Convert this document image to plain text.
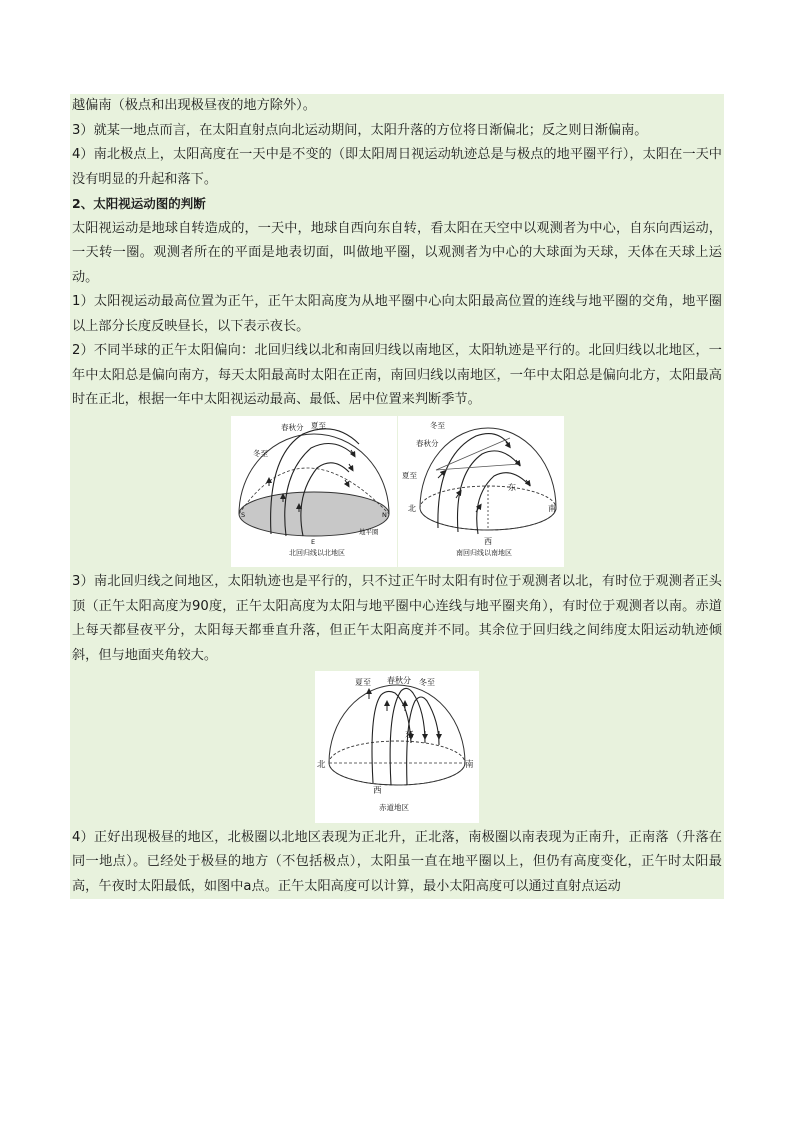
越偏南（极点和出现极昼夜的地方除外）。

3）就某一地点而言，在太阳直射点向北运动期间，太阳升落的方位将日渐偏北；反之则日渐偏南。

4）南北极点上，太阳高度在一天中是不变的（即太阳周日视运动轨迹总是与极点的地平圈平行），太阳在一天中没有明显的升起和落下。

2、太阳视运动图的判断

太阳视运动是地球自转造成的，一天中，地球自西向东自转，看太阳在天空中以观测者为中心，自东向西运动，一天转一圈。观测者所在的平面是地表切面，叫做地平圈，以观测者为中心的大球面为天球，天体在天球上运动。

1）太阳视运动最高位置为正午，正午太阳高度为从地平圈中心向太阳最高位置的连线与地平圈的交角，地平圈以上部分长度反映昼长，以下表示夜长。

2）不同半球的正午太阳偏向：北回归线以北和南回归线以南地区，太阳轨迹是平行的。北回归线以北地区，一年中太阳总是偏向南方，每天太阳最高时太阳在正南，南回归线以南地区，一年中太阳总是偏向北方，太阳最高时在正北，根据一年中太阳视运动最高、最低、居中位置来判断季节。

春秋分 夏至
冬至
S	N
E
地平圈
北回归线以北地区
冬至
春秋分
夏至
东
北	南
西
南回归线以南地区

3）南北回归线之间地区，太阳轨迹也是平行的，只不过正午时太阳有时位于观测者以北，有时位于观测者正头顶（正午太阳高度为90度，正午太阳高度为太阳与地平圈中心连线与地平圈夹角），有时位于观测者以南。赤道上每天都昼夜平分，太阳每天都垂直升落，但正午太阳高度并不同。其余位于回归线之间纬度太阳运动轨迹倾斜，但与地面夹角较大。

夏至 春秋分 冬至
东
北	南
西
赤道地区

4）正好出现极昼的地区，北极圈以北地区表现为正北升，正北落，南极圈以南表现为正南升，正南落（升落在同一地点）。已经处于极昼的地方（不包括极点），太阳虽一直在地平圈以上，但仍有高度变化，正午时太阳最高，午夜时太阳最低，如图中a点。正午太阳高度可以计算，最小太阳高度可以通过直射点运动
